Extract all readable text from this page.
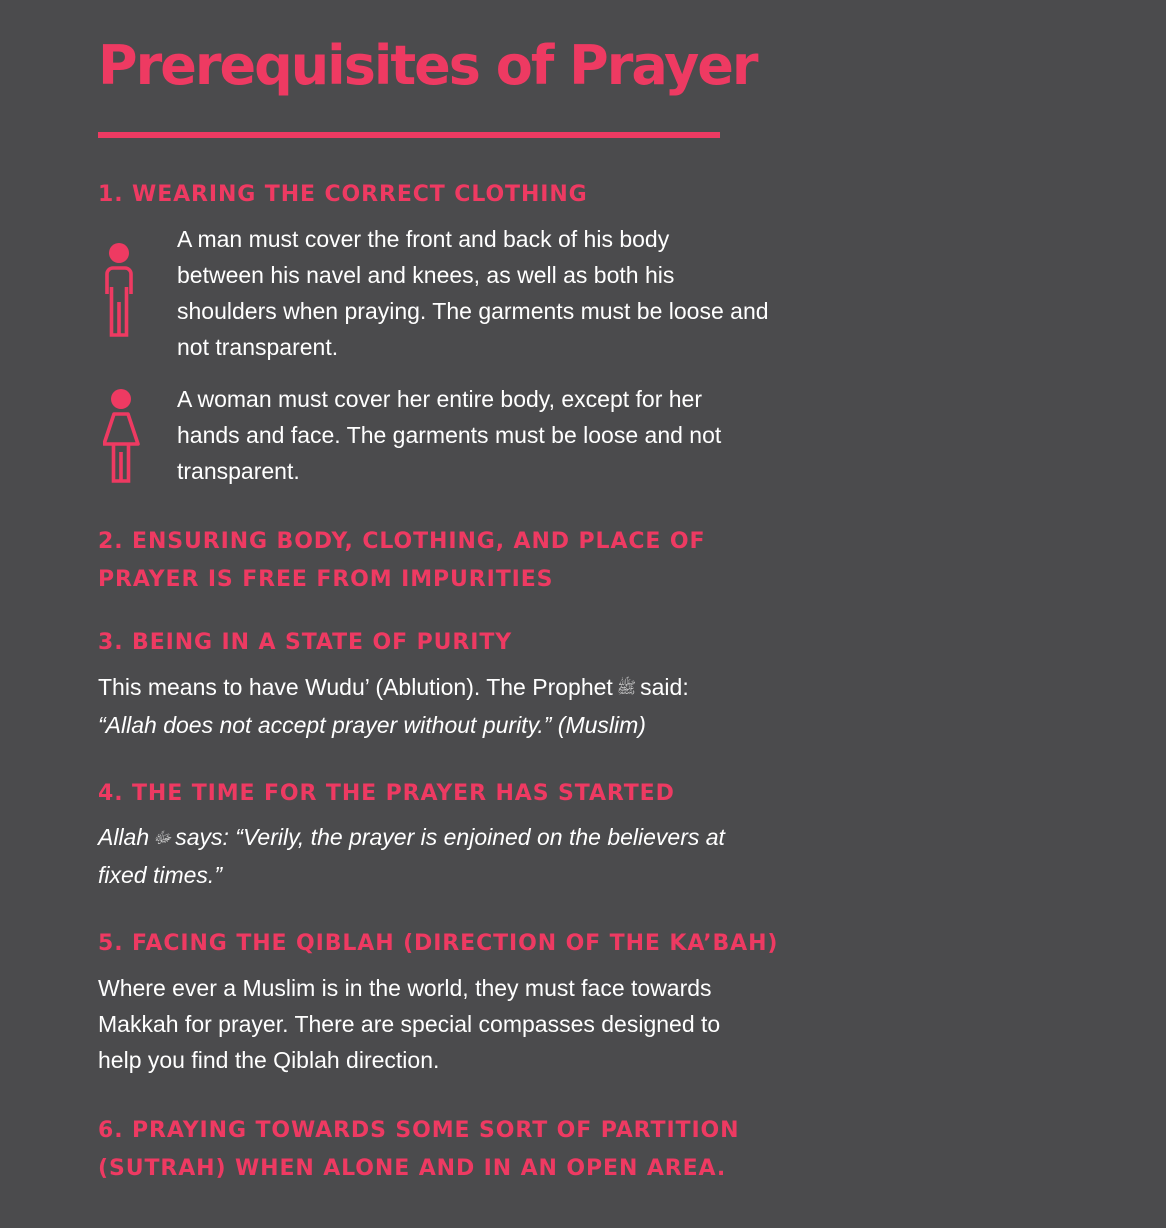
Prerequisites of Prayer
1. WEARING THE CORRECT CLOTHING

A man must cover the front and back of his body
between his navel and knees, as well as both his
shoulders when praying. The garments must be loose and
not transparent.

A woman must cover her entire body, except for her
hands and face. The garments must be loose and not
transparent.

2. ENSURING BODY, CLOTHING, AND PLACE OF
PRAYER IS FREE FROM IMPURITIES
3. BEING IN A STATE OF PURITY

This means to have Wudu’ (Ablution). The Prophet ﷺ said:
“Allah does not accept prayer without purity.” (Muslim)

4. THE TIME FOR THE PRAYER HAS STARTED

Allah ﷻ says: “Verily, the prayer is enjoined on the believers at
fixed times.”

5. FACING THE QIBLAH (DIRECTION OF THE KA’BAH)

Where ever a Muslim is in the world, they must face towards
Makkah for prayer. There are special compasses designed to
help you find the Qiblah direction.

6. PRAYING TOWARDS SOME SORT OF PARTITION
(SUTRAH) WHEN ALONE AND IN AN OPEN AREA.
